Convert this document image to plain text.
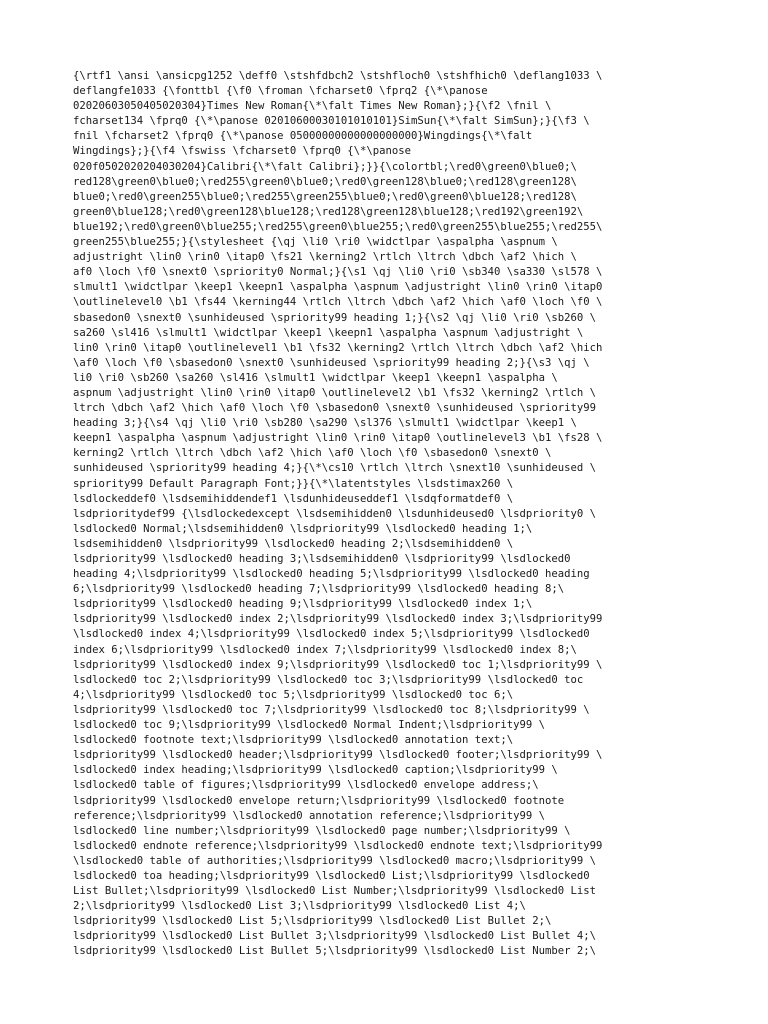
{\rtf1 \ansi \ansicpg1252 \deff0 \stshfdbch2 \stshfloch0 \stshfhich0 \deflang1033 \
deflangfe1033 {\fonttbl {\f0 \froman \fcharset0 \fprq2 {\*\panose
02020603050405020304}Times New Roman{\*\falt Times New Roman};}{\f2 \fnil \
fcharset134 \fprq0 {\*\panose 02010600030101010101}SimSun{\*\falt SimSun};}{\f3 \
fnil \fcharset2 \fprq0 {\*\panose 05000000000000000000}Wingdings{\*\falt
Wingdings};}{\f4 \fswiss \fcharset0 \fprq0 {\*\panose
020f0502020204030204}Calibri{\*\falt Calibri};}}{\colortbl;\red0\green0\blue0;\
red128\green0\blue0;\red255\green0\blue0;\red0\green128\blue0;\red128\green128\
blue0;\red0\green255\blue0;\red255\green255\blue0;\red0\green0\blue128;\red128\
green0\blue128;\red0\green128\blue128;\red128\green128\blue128;\red192\green192\
blue192;\red0\green0\blue255;\red255\green0\blue255;\red0\green255\blue255;\red255\
green255\blue255;}{\stylesheet {\qj \li0 \ri0 \widctlpar \aspalpha \aspnum \
adjustright \lin0 \rin0 \itap0 \fs21 \kerning2 \rtlch \ltrch \dbch \af2 \hich \
af0 \loch \f0 \snext0 \spriority0 Normal;}{\s1 \qj \li0 \ri0 \sb340 \sa330 \sl578 \
slmult1 \widctlpar \keep1 \keepn1 \aspalpha \aspnum \adjustright \lin0 \rin0 \itap0
\outlinelevel0 \b1 \fs44 \kerning44 \rtlch \ltrch \dbch \af2 \hich \af0 \loch \f0 \
sbasedon0 \snext0 \sunhideused \spriority99 heading 1;}{\s2 \qj \li0 \ri0 \sb260 \
sa260 \sl416 \slmult1 \widctlpar \keep1 \keepn1 \aspalpha \aspnum \adjustright \
lin0 \rin0 \itap0 \outlinelevel1 \b1 \fs32 \kerning2 \rtlch \ltrch \dbch \af2 \hich
\af0 \loch \f0 \sbasedon0 \snext0 \sunhideused \spriority99 heading 2;}{\s3 \qj \
li0 \ri0 \sb260 \sa260 \sl416 \slmult1 \widctlpar \keep1 \keepn1 \aspalpha \
aspnum \adjustright \lin0 \rin0 \itap0 \outlinelevel2 \b1 \fs32 \kerning2 \rtlch \
ltrch \dbch \af2 \hich \af0 \loch \f0 \sbasedon0 \snext0 \sunhideused \spriority99
heading 3;}{\s4 \qj \li0 \ri0 \sb280 \sa290 \sl376 \slmult1 \widctlpar \keep1 \
keepn1 \aspalpha \aspnum \adjustright \lin0 \rin0 \itap0 \outlinelevel3 \b1 \fs28 \
kerning2 \rtlch \ltrch \dbch \af2 \hich \af0 \loch \f0 \sbasedon0 \snext0 \
sunhideused \spriority99 heading 4;}{\*\cs10 \rtlch \ltrch \snext10 \sunhideused \
spriority99 Default Paragraph Font;}}{\*\latentstyles \lsdstimax260 \
lsdlockeddef0 \lsdsemihiddendef1 \lsdunhideuseddef1 \lsdqformatdef0 \
lsdprioritydef99 {\lsdlockedexcept \lsdsemihidden0 \lsdunhideused0 \lsdpriority0 \
lsdlocked0 Normal;\lsdsemihidden0 \lsdpriority99 \lsdlocked0 heading 1;\
lsdsemihidden0 \lsdpriority99 \lsdlocked0 heading 2;\lsdsemihidden0 \
lsdpriority99 \lsdlocked0 heading 3;\lsdsemihidden0 \lsdpriority99 \lsdlocked0
heading 4;\lsdpriority99 \lsdlocked0 heading 5;\lsdpriority99 \lsdlocked0 heading
6;\lsdpriority99 \lsdlocked0 heading 7;\lsdpriority99 \lsdlocked0 heading 8;\
lsdpriority99 \lsdlocked0 heading 9;\lsdpriority99 \lsdlocked0 index 1;\
lsdpriority99 \lsdlocked0 index 2;\lsdpriority99 \lsdlocked0 index 3;\lsdpriority99
\lsdlocked0 index 4;\lsdpriority99 \lsdlocked0 index 5;\lsdpriority99 \lsdlocked0
index 6;\lsdpriority99 \lsdlocked0 index 7;\lsdpriority99 \lsdlocked0 index 8;\
lsdpriority99 \lsdlocked0 index 9;\lsdpriority99 \lsdlocked0 toc 1;\lsdpriority99 \
lsdlocked0 toc 2;\lsdpriority99 \lsdlocked0 toc 3;\lsdpriority99 \lsdlocked0 toc
4;\lsdpriority99 \lsdlocked0 toc 5;\lsdpriority99 \lsdlocked0 toc 6;\
lsdpriority99 \lsdlocked0 toc 7;\lsdpriority99 \lsdlocked0 toc 8;\lsdpriority99 \
lsdlocked0 toc 9;\lsdpriority99 \lsdlocked0 Normal Indent;\lsdpriority99 \
lsdlocked0 footnote text;\lsdpriority99 \lsdlocked0 annotation text;\
lsdpriority99 \lsdlocked0 header;\lsdpriority99 \lsdlocked0 footer;\lsdpriority99 \
lsdlocked0 index heading;\lsdpriority99 \lsdlocked0 caption;\lsdpriority99 \
lsdlocked0 table of figures;\lsdpriority99 \lsdlocked0 envelope address;\
lsdpriority99 \lsdlocked0 envelope return;\lsdpriority99 \lsdlocked0 footnote
reference;\lsdpriority99 \lsdlocked0 annotation reference;\lsdpriority99 \
lsdlocked0 line number;\lsdpriority99 \lsdlocked0 page number;\lsdpriority99 \
lsdlocked0 endnote reference;\lsdpriority99 \lsdlocked0 endnote text;\lsdpriority99
\lsdlocked0 table of authorities;\lsdpriority99 \lsdlocked0 macro;\lsdpriority99 \
lsdlocked0 toa heading;\lsdpriority99 \lsdlocked0 List;\lsdpriority99 \lsdlocked0
List Bullet;\lsdpriority99 \lsdlocked0 List Number;\lsdpriority99 \lsdlocked0 List
2;\lsdpriority99 \lsdlocked0 List 3;\lsdpriority99 \lsdlocked0 List 4;\
lsdpriority99 \lsdlocked0 List 5;\lsdpriority99 \lsdlocked0 List Bullet 2;\
lsdpriority99 \lsdlocked0 List Bullet 3;\lsdpriority99 \lsdlocked0 List Bullet 4;\
lsdpriority99 \lsdlocked0 List Bullet 5;\lsdpriority99 \lsdlocked0 List Number 2;\
